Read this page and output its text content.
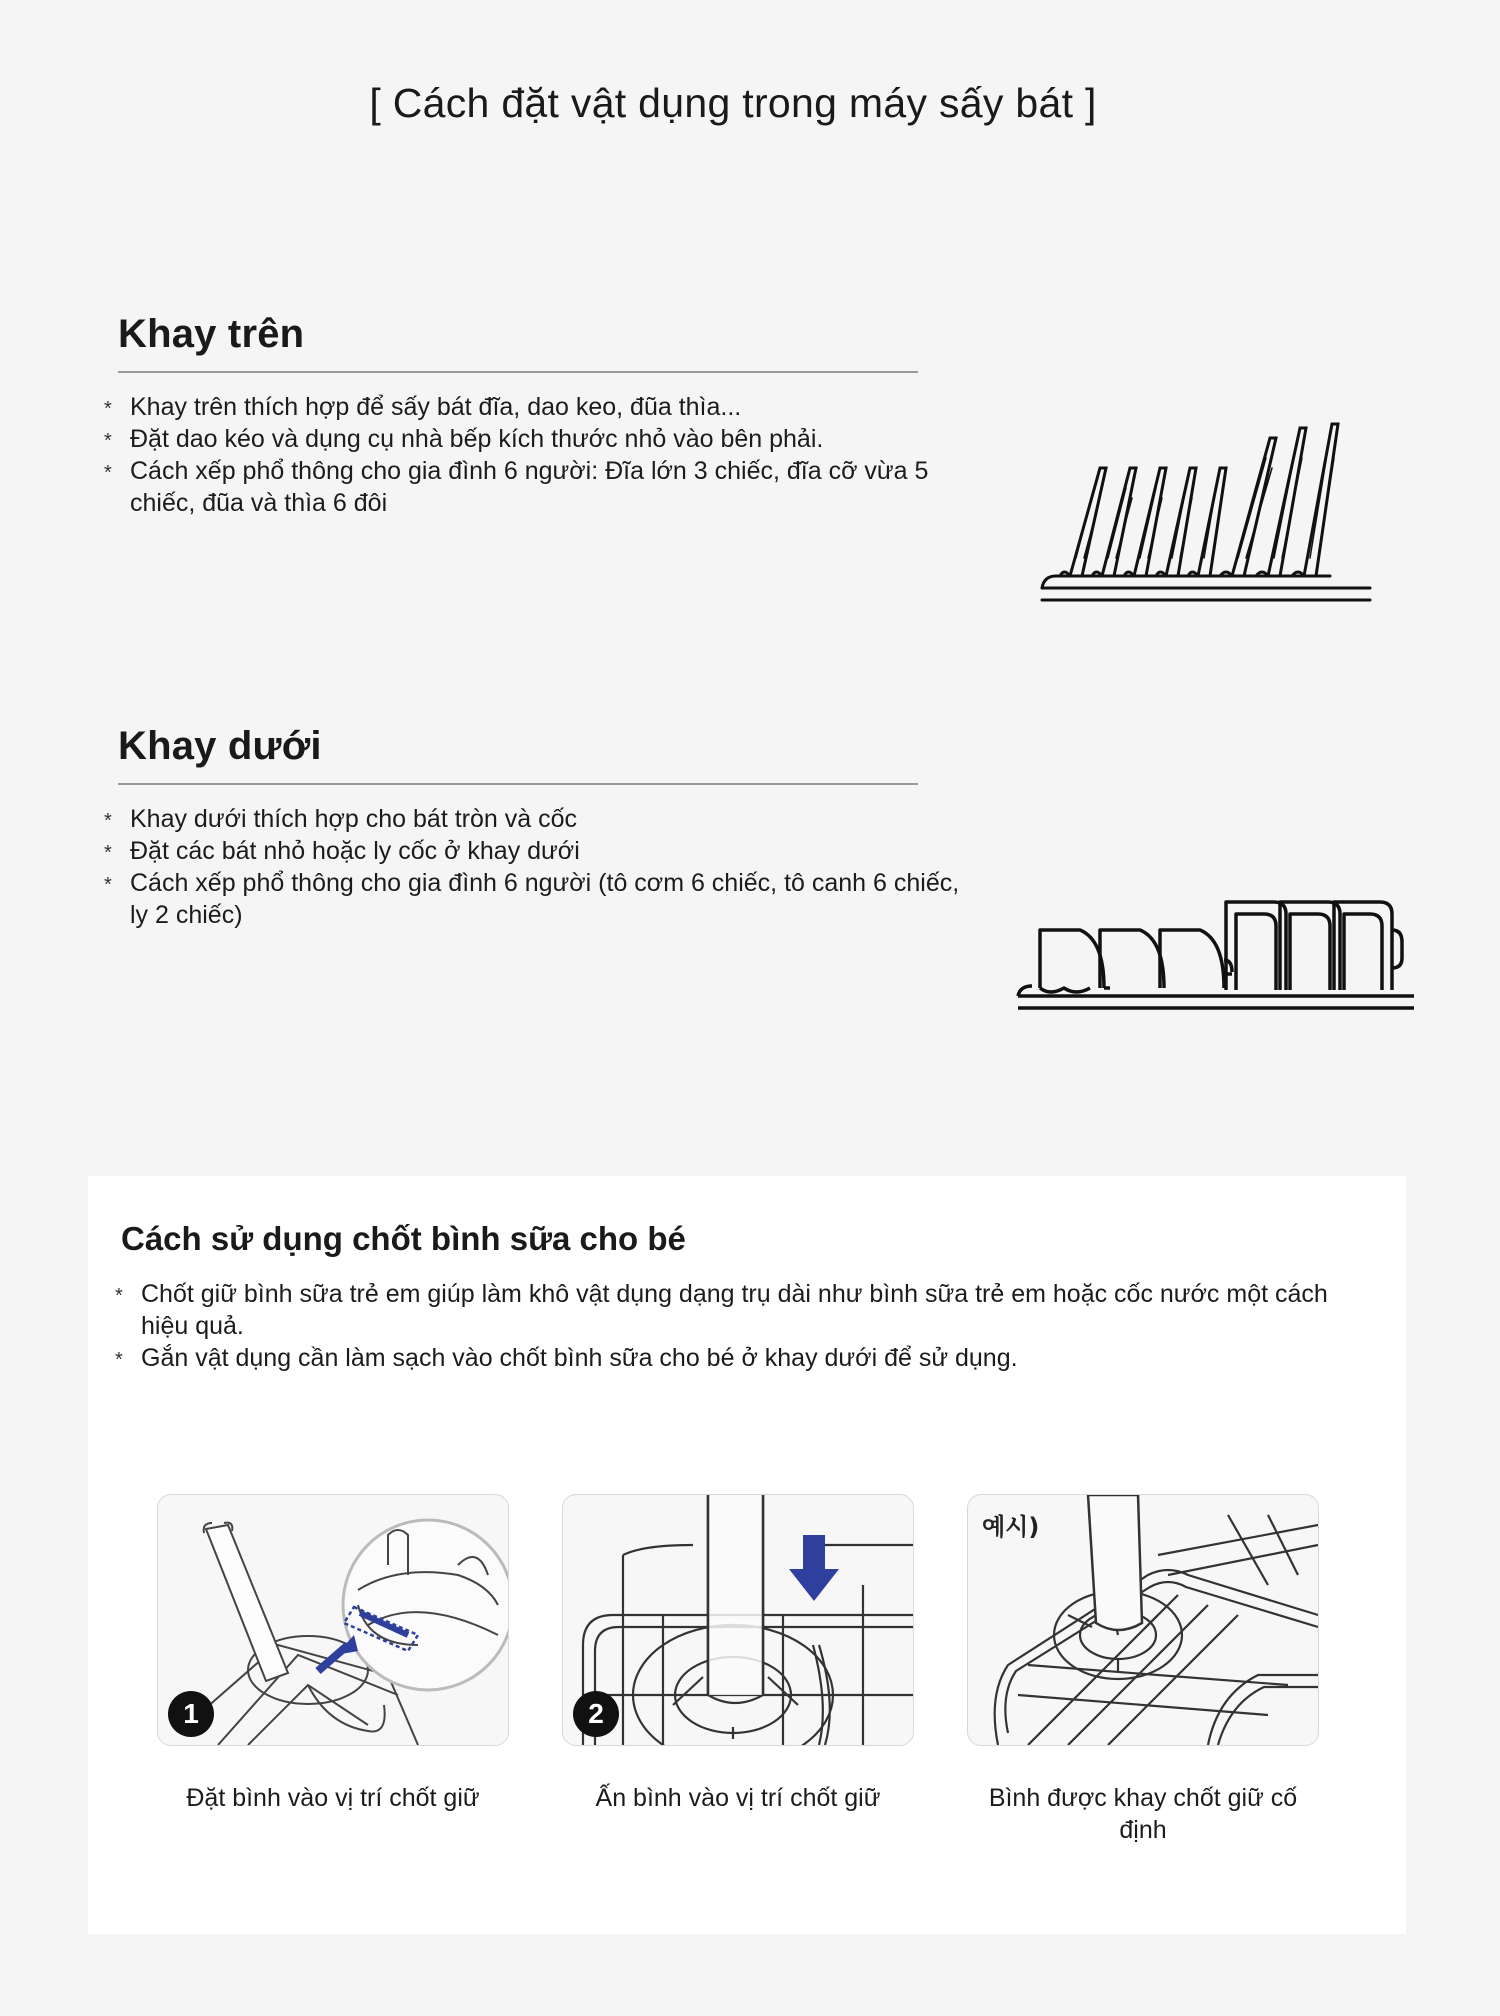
[ Cách đặt vật dụng trong máy sấy bát ]
Khay trên
* Khay trên thích hợp để sấy bát đĩa, dao keo, đũa thìa...
* Đặt dao kéo và dụng cụ nhà bếp kích thước nhỏ vào bên phải.
* Cách xếp phổ thông cho gia đình 6 người: Đĩa lớn 3 chiếc, đĩa cỡ vừa 5 chiếc, đũa và thìa 6 đôi
Khay dưới
* Khay dưới thích hợp cho bát tròn và cốc
* Đặt các bát nhỏ hoặc ly cốc ở khay dưới
* Cách xếp phổ thông cho gia đình 6 người (tô cơm 6 chiếc, tô canh 6 chiếc, ly 2 chiếc)
Cách sử dụng chốt bình sữa cho bé
* Chốt giữ bình sữa trẻ em giúp làm khô vật dụng dạng trụ dài như bình sữa trẻ em hoặc cốc nước một cách hiệu quả.
* Gắn vật dụng cần làm sạch vào chốt bình sữa cho bé ở khay dưới để sử dụng.
1
Đặt bình vào vị trí chốt giữ
2
Ấn bình vào vị trí chốt giữ
예시)
Bình được khay chốt giữ cố định
